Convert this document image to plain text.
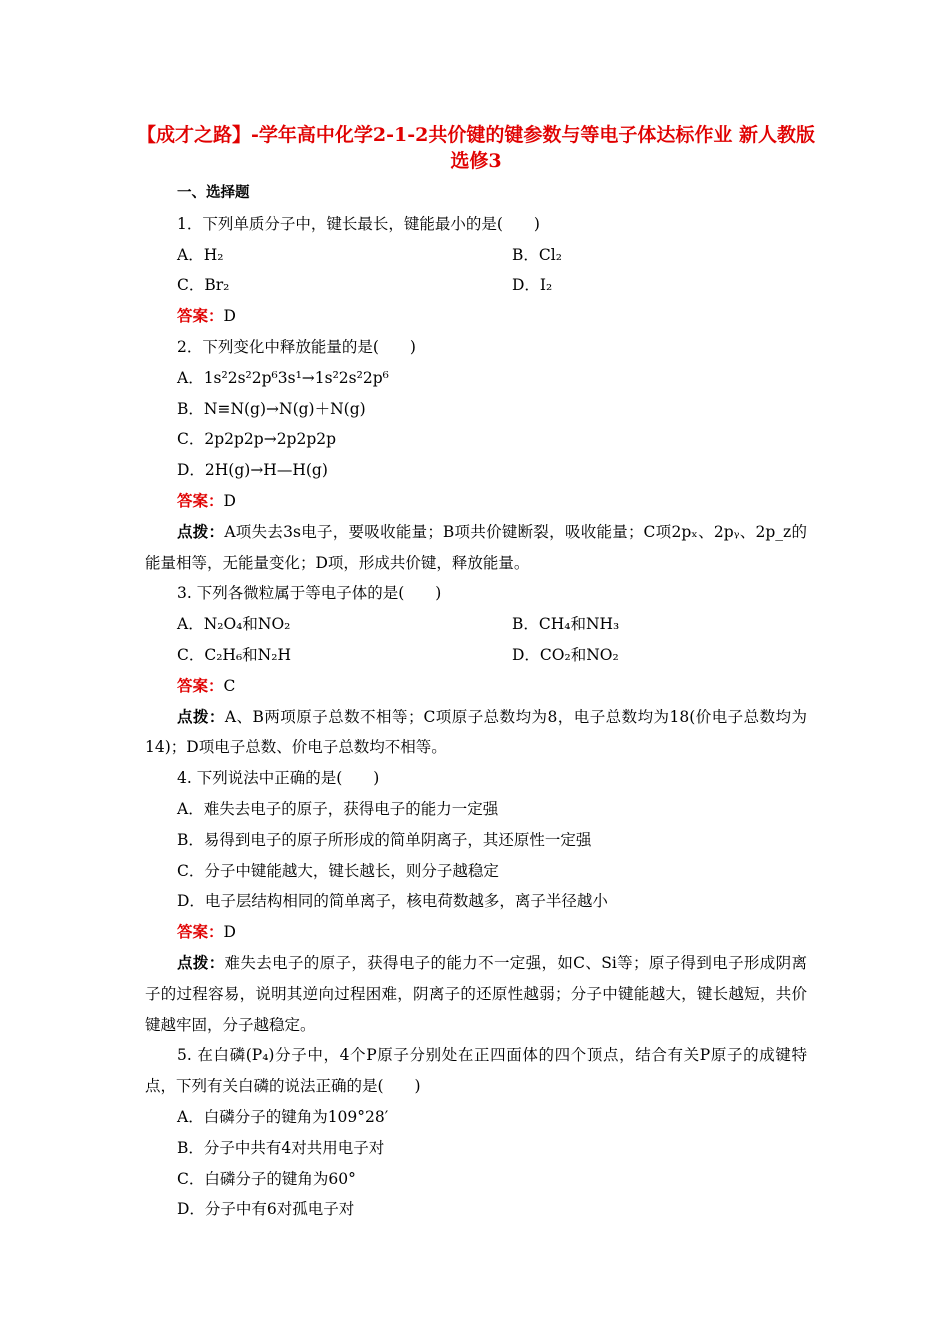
【成才之路】-学年高中化学2-1-2共价键的键参数与等电子体达标作业 新人教版选修3
一、选择题
1．下列单质分子中，键长最长，键能最小的是(　　)
A．H₂	B．Cl₂
C．Br₂	D．I₂
答案：D
2．下列变化中释放能量的是(　　)
A．1s²2s²2p⁶3s¹→1s²2s²2p⁶
B．N≡N(g)→N(g)＋N(g)
C．2p2p2p→2p2p2p
D．2H(g)→H—H(g)
答案：D
点拨：A项失去3s电子，要吸收能量；B项共价键断裂，吸收能量；C项2pₓ、2pᵧ、2p_z的能量相等，无能量变化；D项，形成共价键，释放能量。
3. 下列各微粒属于等电子体的是(　　)
A．N₂O₄和NO₂	B．CH₄和NH₃
C．C₂H₆和N₂H	D．CO₂和NO₂
答案：C
点拨：A、B两项原子总数不相等；C项原子总数均为8，电子总数均为18(价电子总数均为14)；D项电子总数、价电子总数均不相等。
4. 下列说法中正确的是(　　)
A．难失去电子的原子，获得电子的能力一定强
B．易得到电子的原子所形成的简单阴离子，其还原性一定强
C．分子中键能越大，键长越长，则分子越稳定
D．电子层结构相同的简单离子，核电荷数越多，离子半径越小
答案：D
点拨：难失去电子的原子，获得电子的能力不一定强，如C、Si等；原子得到电子形成阴离子的过程容易，说明其逆向过程困难，阴离子的还原性越弱；分子中键能越大，键长越短，共价键越牢固，分子越稳定。
5. 在白磷(P₄)分子中，4个P原子分别处在正四面体的四个顶点，结合有关P原子的成键特点，下列有关白磷的说法正确的是(　　)
A．白磷分子的键角为109°28′
B．分子中共有4对共用电子对
C．白磷分子的键角为60°
D．分子中有6对孤电子对
